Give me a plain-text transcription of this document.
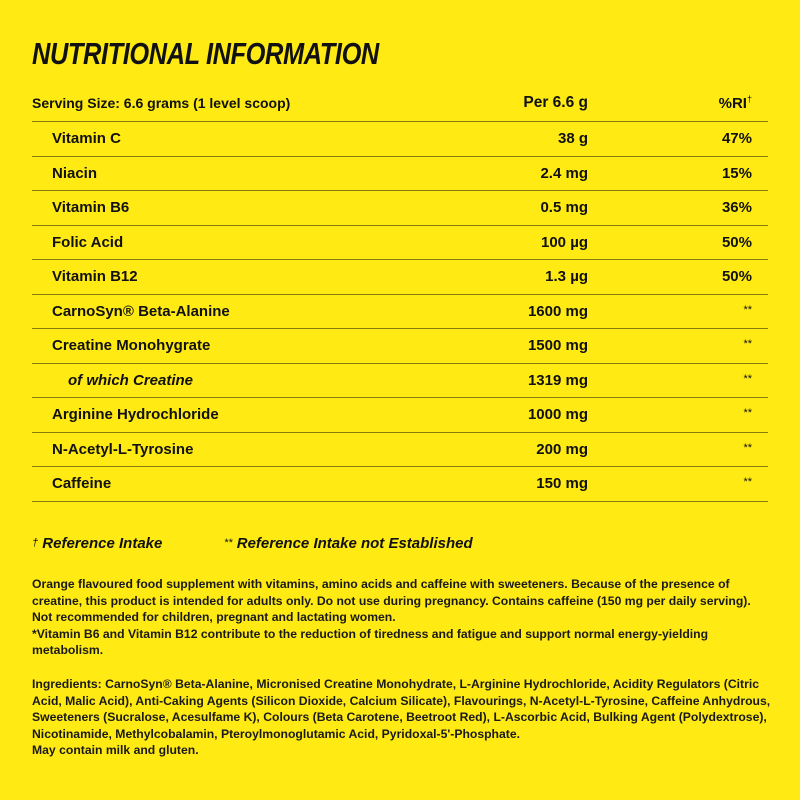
NUTRITIONAL INFORMATION
Serving Size: 6.6 grams (1 level scoop)	Per 6.6 g	%RI†
Vitamin C	38 g	47%
Niacin	2.4 mg	15%
Vitamin B6	0.5 mg	36%
Folic Acid	100 µg	50%
Vitamin B12	1.3 µg	50%
CarnoSyn® Beta-Alanine	1600 mg	**
Creatine Monohygrate	1500 mg	**
of which Creatine	1319 mg	**
Arginine Hydrochloride	1000 mg	**
N-Acetyl-L-Tyrosine	200 mg	**
Caffeine	150 mg	**
† Reference Intake	** Reference Intake not Established
Orange flavoured food supplement with vitamins, amino acids and caffeine with sweeteners. Because of the presence of creatine, this product is intended for adults only. Do not use during pregnancy. Contains caffeine (150 mg per daily serving). Not recommended for children, pregnant and lactating women.
*Vitamin B6 and Vitamin B12 contribute to the reduction of tiredness and fatigue and support normal energy-yielding metabolism.
Ingredients: CarnoSyn® Beta-Alanine, Micronised Creatine Monohydrate, L-Arginine Hydrochloride, Acidity Regulators (Citric Acid, Malic Acid), Anti-Caking Agents (Silicon Dioxide, Calcium Silicate), Flavourings, N-Acetyl-L-Tyrosine, Caffeine Anhydrous, Sweeteners (Sucralose, Acesulfame K), Colours (Beta Carotene, Beetroot Red), L-Ascorbic Acid, Bulking Agent (Polydextrose), Nicotinamide, Methylcobalamin, Pteroylmonoglutamic Acid, Pyridoxal-5'-Phosphate.
May contain milk and gluten.
